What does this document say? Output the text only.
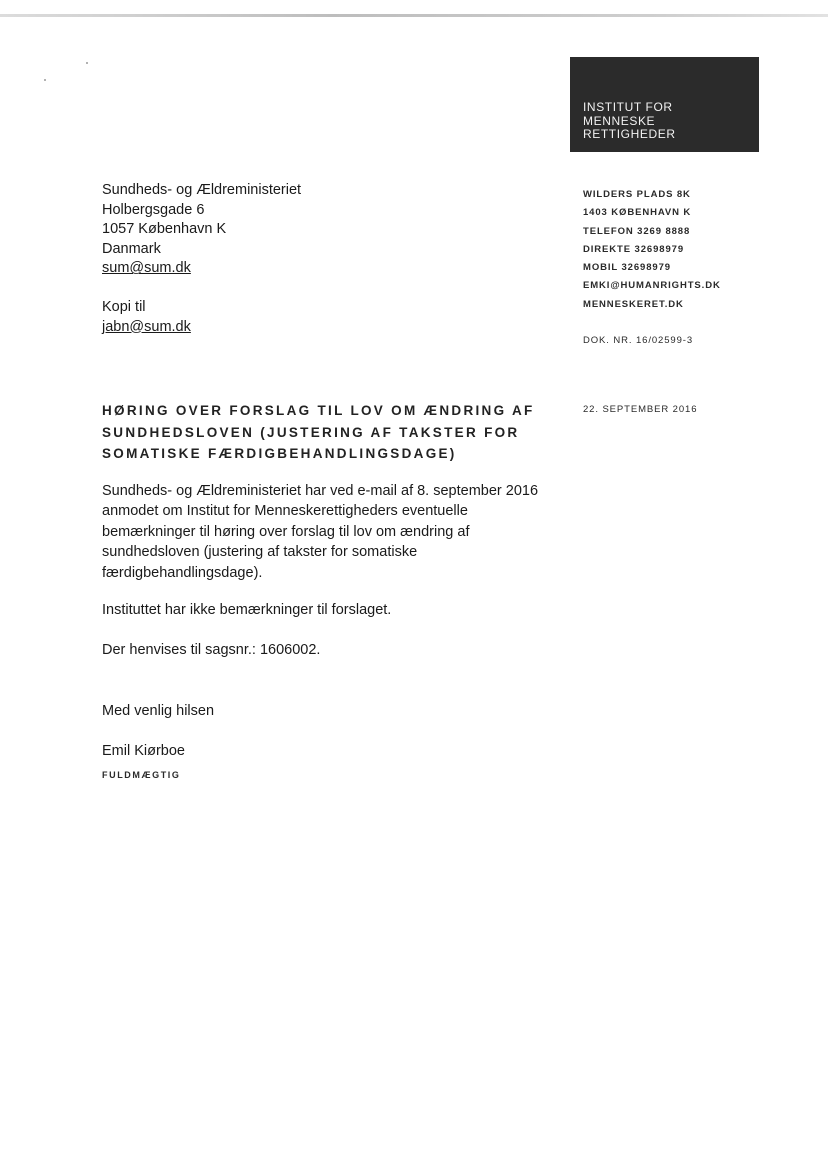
INSTITUT FOR
MENNESKE
RETTIGHEDER
Sundheds- og Ældreministeriet
Holbergsgade 6
1057 København K
Danmark
sum@sum.dk
Kopi til
jabn@sum.dk
WILDERS PLADS 8K
1403 KØBENHAVN K
TELEFON 3269 8888
DIREKTE 32698979
MOBIL 32698979
EMKI@HUMANRIGHTS.DK
MENNESKERET.DK
DOK. NR. 16/02599-3
HØRING OVER FORSLAG TIL LOV OM ÆNDRING AF
SUNDHEDSLOVEN (JUSTERING AF TAKSTER FOR
SOMATISKE FÆRDIGBEHANDLINGSDAGE)
22. SEPTEMBER 2016

Sundheds- og Ældreministeriet har ved e-mail af 8. september 2016
anmodet om Institut for Menneskerettigheders eventuelle
bemærkninger til høring over forslag til lov om ændring af
sundhedsloven (justering af takster for somatiske
færdigbehandlingsdage).

Instituttet har ikke bemærkninger til forslaget.
Der henvises til sagsnr.: 1606002.
Med venlig hilsen
Emil Kiørboe
FULDMÆGTIG
